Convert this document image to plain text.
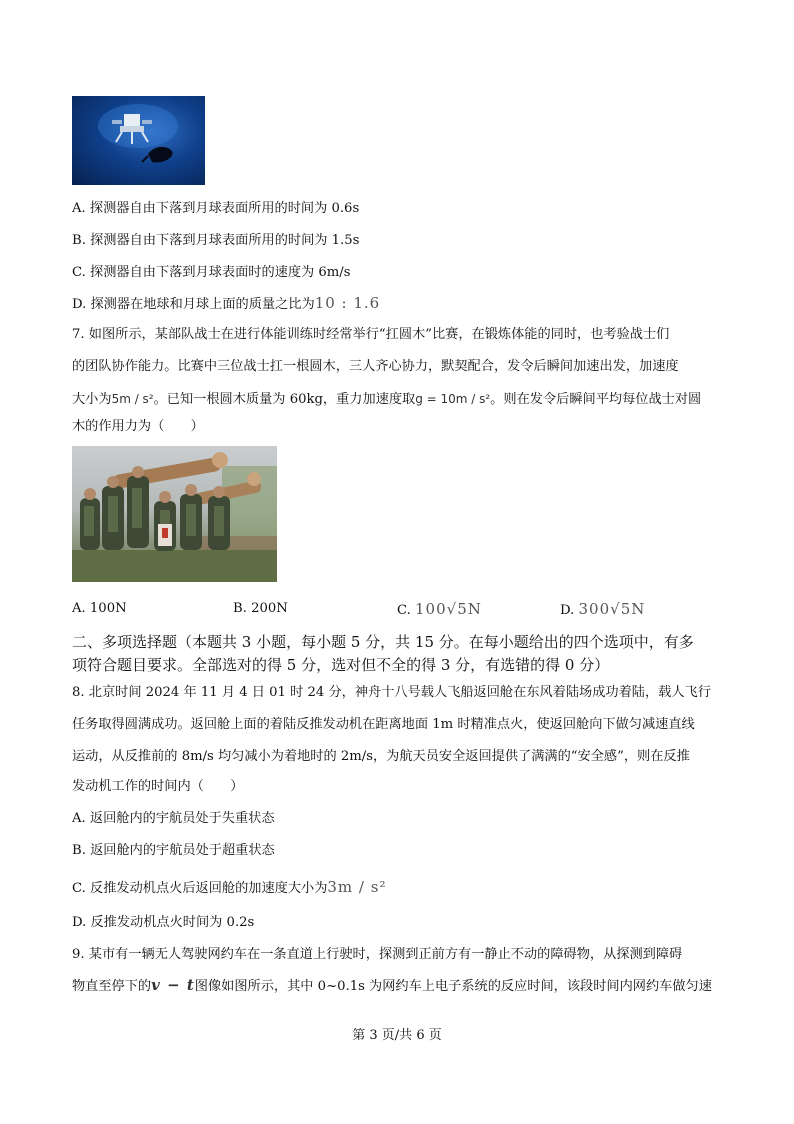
A. 探测器自由下落到月球表面所用的时间为 0.6s
B. 探测器自由下落到月球表面所用的时间为 1.5s
C. 探测器自由下落到月球表面时的速度为 6m/s
D. 探测器在地球和月球上面的质量之比为10 : 1.6
7. 如图所示，某部队战士在进行体能训练时经常举行“扛圆木”比赛，在锻炼体能的同时，也考验战士们
的团队协作能力。比赛中三位战士扛一根圆木，三人齐心协力，默契配合，发令后瞬间加速出发，加速度
大小为5m / s²。已知一根圆木质量为 60kg，重力加速度取g = 10m / s²。则在发令后瞬间平均每位战士对圆
木的作用力为（　　）
A. 100N	B. 200N	C. 100√5N	D. 300√5N
二、多项选择题（本题共 3 小题，每小题 5 分，共 15 分。在每小题给出的四个选项中，有多
项符合题目要求。全部选对的得 5 分，选对但不全的得 3 分，有选错的得 0 分）
8. 北京时间 2024 年 11 月 4 日 01 时 24 分，神舟十八号载人飞船返回舱在东风着陆场成功着陆，载人飞行
任务取得圆满成功。返回舱上面的着陆反推发动机在距离地面 1m 时精准点火，使返回舱向下做匀减速直线
运动，从反推前的 8m/s 均匀减小为着地时的 2m/s，为航天员安全返回提供了满满的“安全感”，则在反推
发动机工作的时间内（　　）
A. 返回舱内的宇航员处于失重状态
B. 返回舱内的宇航员处于超重状态
C. 反推发动机点火后返回舱的加速度大小为3m / s²
D. 反推发动机点火时间为 0.2s
9. 某市有一辆无人驾驶网约车在一条直道上行驶时，探测到正前方有一静止不动的障碍物，从探测到障碍
物直至停下的v − t图像如图所示，其中 0~0.1s 为网约车上电子系统的反应时间，该段时间内网约车做匀速
第 3 页/共 6 页
